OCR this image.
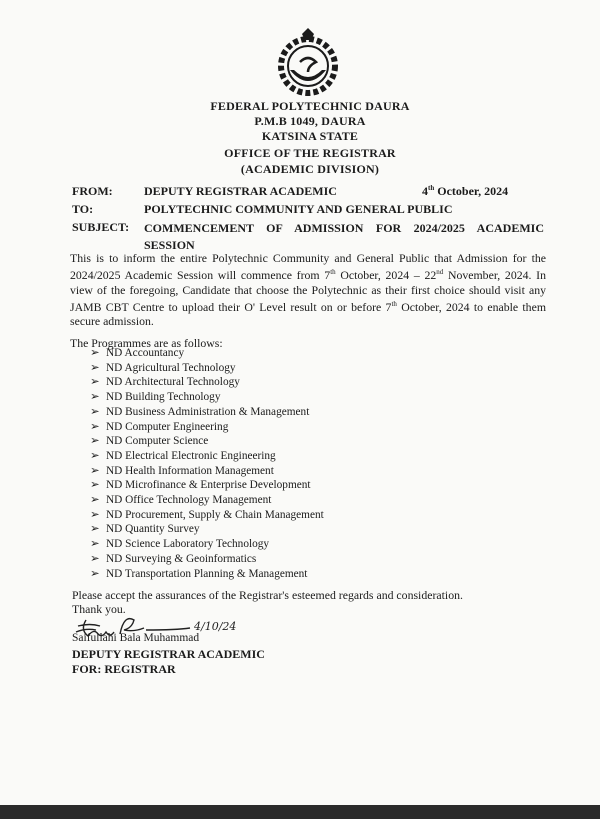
FEDERAL POLYTECHNIC DAURA
P.M.B 1049, DAURA
KATSINA STATE
OFFICE OF THE REGISTRAR
(ACADEMIC DIVISION)
FROM:	DEPUTY REGISTRAR ACADEMIC	4th October, 2024
TO:	POLYTECHNIC COMMUNITY AND GENERAL PUBLIC
SUBJECT:	COMMENCEMENT OF ADMISSION FOR 2024/2025 ACADEMIC SESSION
This is to inform the entire Polytechnic Community and General Public that Admission for the 2024/2025 Academic Session will commence from 7th October, 2024 – 22nd November, 2024. In view of the foregoing, Candidate that choose the Polytechnic as their first choice should visit any JAMB CBT Centre to upload their O' Level result on or before 7th October, 2024 to enable them secure admission.
The Programmes are as follows:
➢ ND Accountancy
➢ ND Agricultural Technology
➢ ND Architectural Technology
➢ ND Building Technology
➢ ND Business Administration & Management
➢ ND Computer Engineering
➢ ND Computer Science
➢ ND Electrical Electronic Engineering
➢ ND Health Information Management
➢ ND Microfinance & Enterprise Development
➢ ND Office Technology Management
➢ ND Procurement, Supply & Chain Management
➢ ND Quantity Survey
➢ ND Science Laboratory Technology
➢ ND Surveying & Geoinformatics
➢ ND Transportation Planning & Management
Please accept the assurances of the Registrar's esteemed regards and consideration.
Thank you.
4/10/24
Saifullahi Bala Muhammad
DEPUTY REGISTRAR ACADEMIC
FOR: REGISTRAR
